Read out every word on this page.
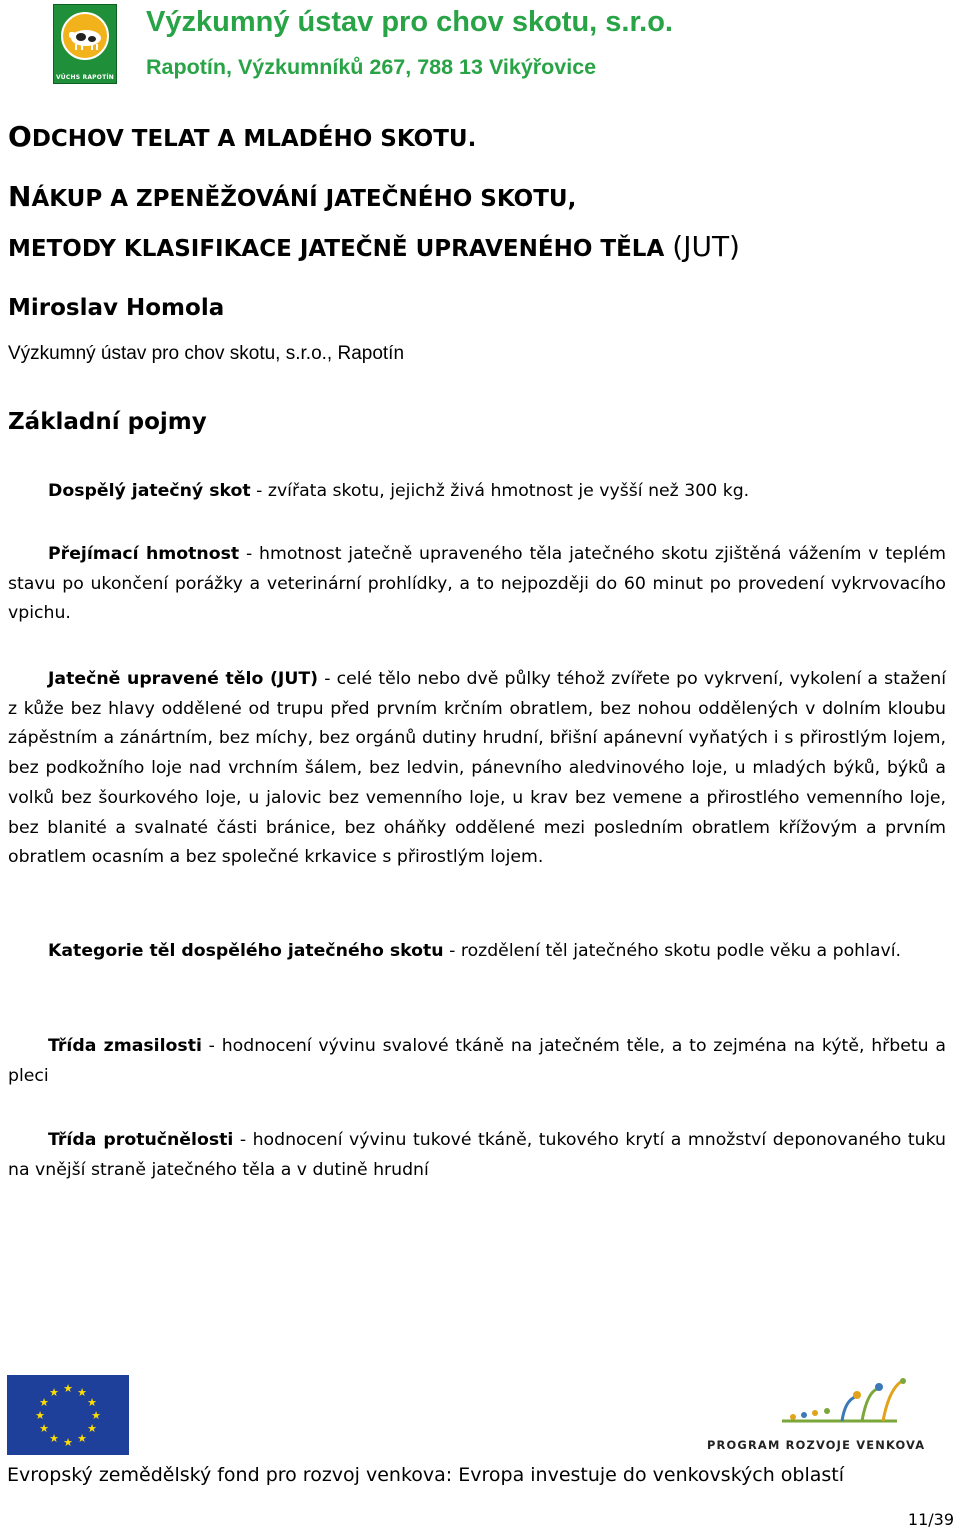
VÚCHS RAPOTÍN
Výzkumný ústav pro chov skotu, s.r.o.
Rapotín, Výzkumníků 267, 788 13 Vikýřovice
ODCHOV TELAT A MLADÉHO SKOTU.
NÁKUP A ZPENĚŽOVÁNÍ JATEČNÉHO SKOTU,
METODY KLASIFIKACE JATEČNĚ UPRAVENÉHO TĚLA (JUT)
Miroslav Homola
Výzkumný ústav pro chov skotu, s.r.o., Rapotín
Základní pojmy

Dospělý jatečný skot - zvířata skotu, jejichž živá hmotnost je vyšší než 300 kg.

Přejímací hmotnost - hmotnost jatečně upraveného těla jatečného skotu zjištěná vážením v teplém stavu po ukončení porážky a veterinární prohlídky, a to nejpozději do 60 minut po provedení vykrvovacího vpichu.

Jatečně upravené tělo (JUT) - celé tělo nebo dvě půlky téhož zvířete po vykrvení, vykolení a stažení z kůže bez hlavy oddělené od trupu před prvním krčním obratlem, bez nohou oddělených v dolním kloubu zápěstním a zánártním, bez míchy, bez orgánů dutiny hrudní, břišní apánevní vyňatých i s přirostlým lojem, bez podkožního loje nad vrchním šálem, bez ledvin, pánevního aledvinového loje, u mladých býků, býků a volků bez šourkového loje, u jalovic bez vemenního loje, u krav bez vemene a přirostlého vemenního loje, bez blanité a svalnaté části bránice, bez oháňky oddělené mezi posledním obratlem křížovým a prvním obratlem ocasním a bez společné krkavice s přirostlým lojem.

Kategorie těl dospělého jatečného skotu - rozdělení těl jatečného skotu podle věku a pohlaví.

Třída zmasilosti - hodnocení vývinu svalové tkáně na jatečném těle, a to zejména na kýtě, hřbetu a pleci

Třída protučnělosti - hodnocení vývinu tukové tkáně, tukového krytí a množství deponovaného tuku na vnější straně jatečného těla a v dutině hrudní

★ ★
★
★
★
★
★
★
★
★
★
★
PROGRAM ROZVOJE VENKOVA
Evropský zemědělský fond pro rozvoj venkova: Evropa investuje do venkovských oblastí
11/39
